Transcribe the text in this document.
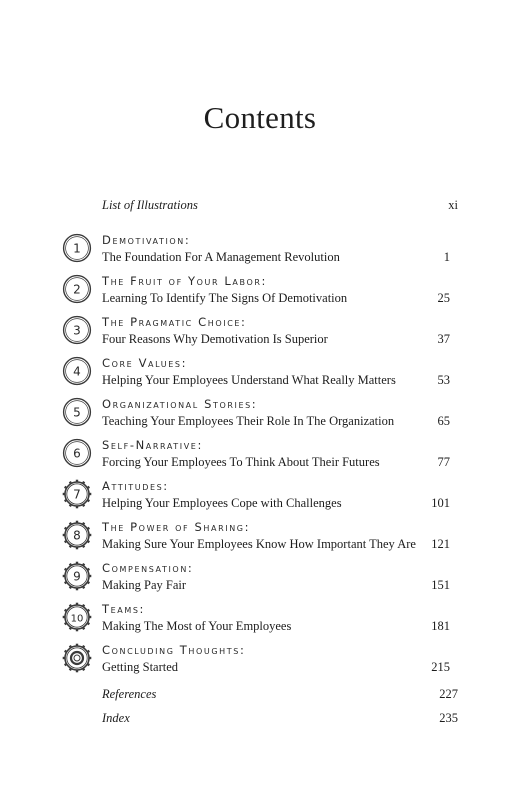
Contents
List of Illustrations	xi
1
Demotivation:
The Foundation For A Management Revolution	1
2
The Fruit of Your Labor:
Learning To Identify The Signs Of Demotivation	25
3
The Pragmatic Choice:
Four Reasons Why Demotivation Is Superior	37
4
Core Values:
Helping Your Employees Understand What Really Matters	53
5
Organizational Stories:
Teaching Your Employees Their Role In The Organization	65
6
Self-Narrative:
Forcing Your Employees To Think About Their Futures	77
7
Attitudes:
Helping Your Employees Cope with Challenges	101
8
The Power of Sharing:
Making Sure Your Employees Know How Important They Are 121
9
Compensation:
Making Pay Fair	151
10
Teams:
Making The Most of Your Employees	181
Concluding Thoughts:
Getting Started	215
References	227
Index	235
